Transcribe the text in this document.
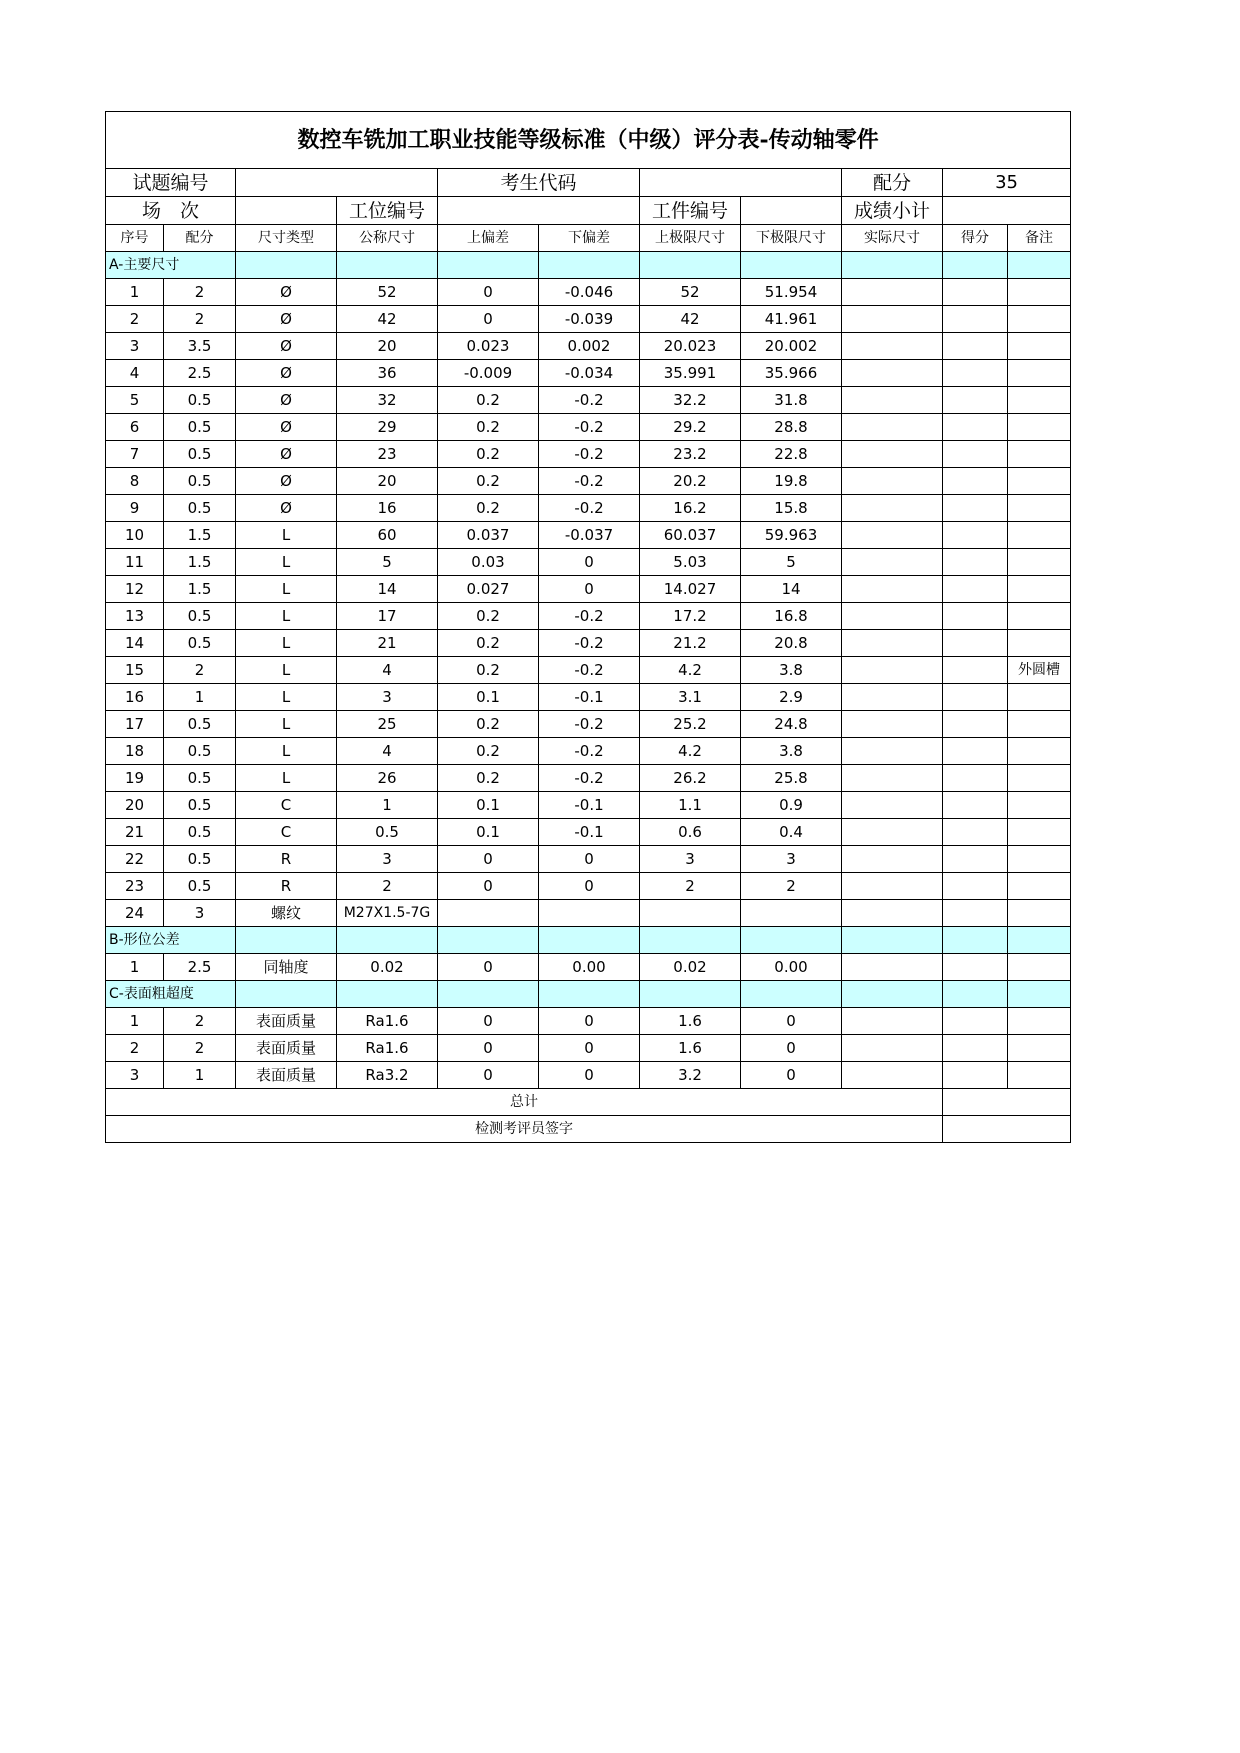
数控车铣加工职业技能等级标准（中级）评分表-传动轴零件										
试题编号				考生代码				配分	35	
场　次			工位编号			工件编号		成绩小计		
序号	配分	尺寸类型	公称尺寸	上偏差	下偏差	上极限尺寸	下极限尺寸	实际尺寸	得分	备注
A-主要尺寸										
1	2	Ø	52	0	-0.046	52	51.954			
2	2	Ø	42	0	-0.039	42	41.961			
3	3.5	Ø	20	0.023	0.002	20.023	20.002			
4	2.5	Ø	36	-0.009	-0.034	35.991	35.966			
5	0.5	Ø	32	0.2	-0.2	32.2	31.8			
6	0.5	Ø	29	0.2	-0.2	29.2	28.8			
7	0.5	Ø	23	0.2	-0.2	23.2	22.8			
8	0.5	Ø	20	0.2	-0.2	20.2	19.8			
9	0.5	Ø	16	0.2	-0.2	16.2	15.8			
10	1.5	L	60	0.037	-0.037	60.037	59.963			
11	1.5	L	5	0.03	0	5.03	5			
12	1.5	L	14	0.027	0	14.027	14			
13	0.5	L	17	0.2	-0.2	17.2	16.8			
14	0.5	L	21	0.2	-0.2	21.2	20.8			
15	2	L	4	0.2	-0.2	4.2	3.8			外圆槽
16	1	L	3	0.1	-0.1	3.1	2.9			
17	0.5	L	25	0.2	-0.2	25.2	24.8			
18	0.5	L	4	0.2	-0.2	4.2	3.8			
19	0.5	L	26	0.2	-0.2	26.2	25.8			
20	0.5	C	1	0.1	-0.1	1.1	0.9			
21	0.5	C	0.5	0.1	-0.1	0.6	0.4			
22	0.5	R	3	0	0	3	3			
23	0.5	R	2	0	0	2	2			
24	3	螺纹	M27X1.5-7G							
B-形位公差										
1	2.5	同轴度	0.02	0	0.00	0.02	0.00			
C-表面粗超度										
1	2	表面质量	Ra1.6	0	0	1.6	0			
2	2	表面质量	Ra1.6	0	0	1.6	0			
3	1	表面质量	Ra3.2	0	0	3.2	0			
总计										
检测考评员签字										
